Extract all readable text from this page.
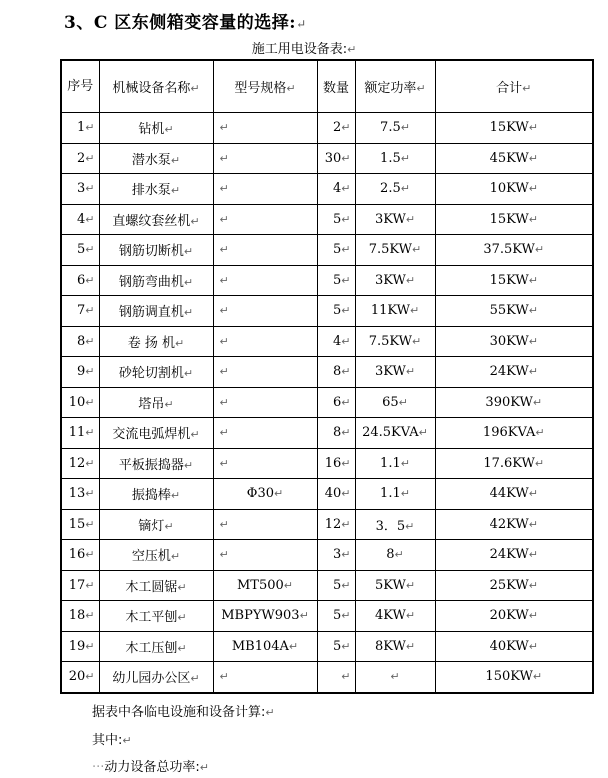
3、C 区东侧箱变容量的选择:↵
施工用电设备表:↵
序号	机械设备名称↵	型号规格↵	数量	额定功率↵	合计↵
1↵	钻机↵	↵	2↵	7.5↵	15KW↵
2↵	潜水泵↵	↵	30↵	1.5↵	45KW↵
3↵	排水泵↵	↵	4↵	2.5↵	10KW↵
4↵	直螺纹套丝机↵	↵	5↵	3KW↵	15KW↵
5↵	钢筋切断机↵	↵	5↵	7.5KW↵	37.5KW↵
6↵	钢筋弯曲机↵	↵	5↵	3KW↵	15KW↵
7↵	钢筋调直机↵	↵	5↵	11KW↵	55KW↵
8↵	卷 扬 机↵	↵	4↵	7.5KW↵	30KW↵
9↵	砂轮切割机↵	↵	8↵	3KW↵	24KW↵
10↵	塔吊↵	↵	6↵	65↵	390KW↵
11↵	交流电弧焊机↵	↵	8↵	24.5KVA↵	196KVA↵
12↵	平板振捣器↵	↵	16↵	1.1↵	17.6KW↵
13↵	振捣棒↵	Φ30↵	40↵	1.1↵	44KW↵
15↵	镝灯↵	↵	12↵	3．5↵	42KW↵
16↵	空压机↵	↵	3↵	8↵	24KW↵
17↵	木工圆锯↵	MT500↵	5↵	5KW↵	25KW↵
18↵	木工平刨↵	MBPYW903↵	5↵	4KW↵	20KW↵
19↵	木工压刨↵	MB104A↵	5↵	8KW↵	40KW↵
20↵	幼儿园办公区↵	↵	↵	↵	150KW↵
据表中各临电设施和设备计算:↵
其中:↵
···动力设备总功率:↵
